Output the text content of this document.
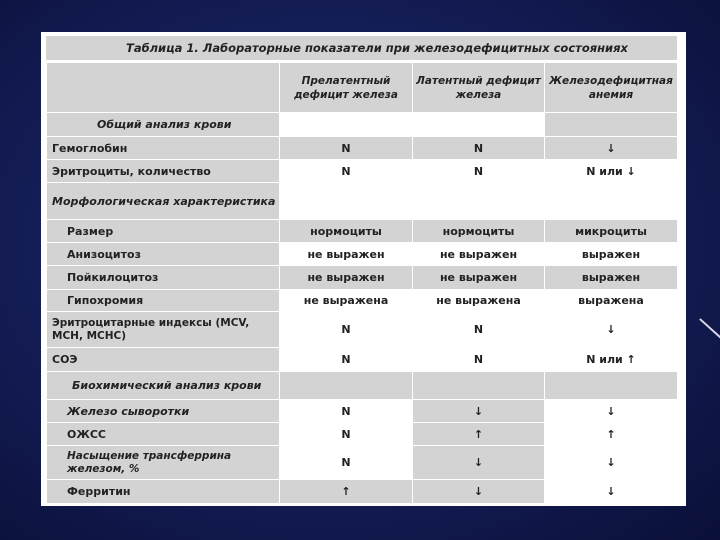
Таблица 1. Лабораторные показатели при железодефицитных состояниях
	Прелатентный дефицит железа	Латентный дефицит железа	Железодефицитная анемия
Общий анализ крови			
Гемоглобин	N	N	↓
Эритроциты, количество	N	N	N или ↓
Морфологическая характеристика			
Размер	нормоциты	нормоциты	микроциты
Анизоцитоз	не выражен	не выражен	выражен
Пойкилоцитоз	не выражен	не выражен	выражен
Гипохромия	не выражена	не выражена	выражена
Эритроцитарные индексы (MCV, MCH, MCHC)	N	N	↓
СОЭ	N	N	N или ↑
Биохимический анализ крови			
Железо сыворотки	N	↓	↓
ОЖСС	N	↑	↑
Насыщение трансферрина железом, %	N	↓	↓
Ферритин	↑	↓	↓
